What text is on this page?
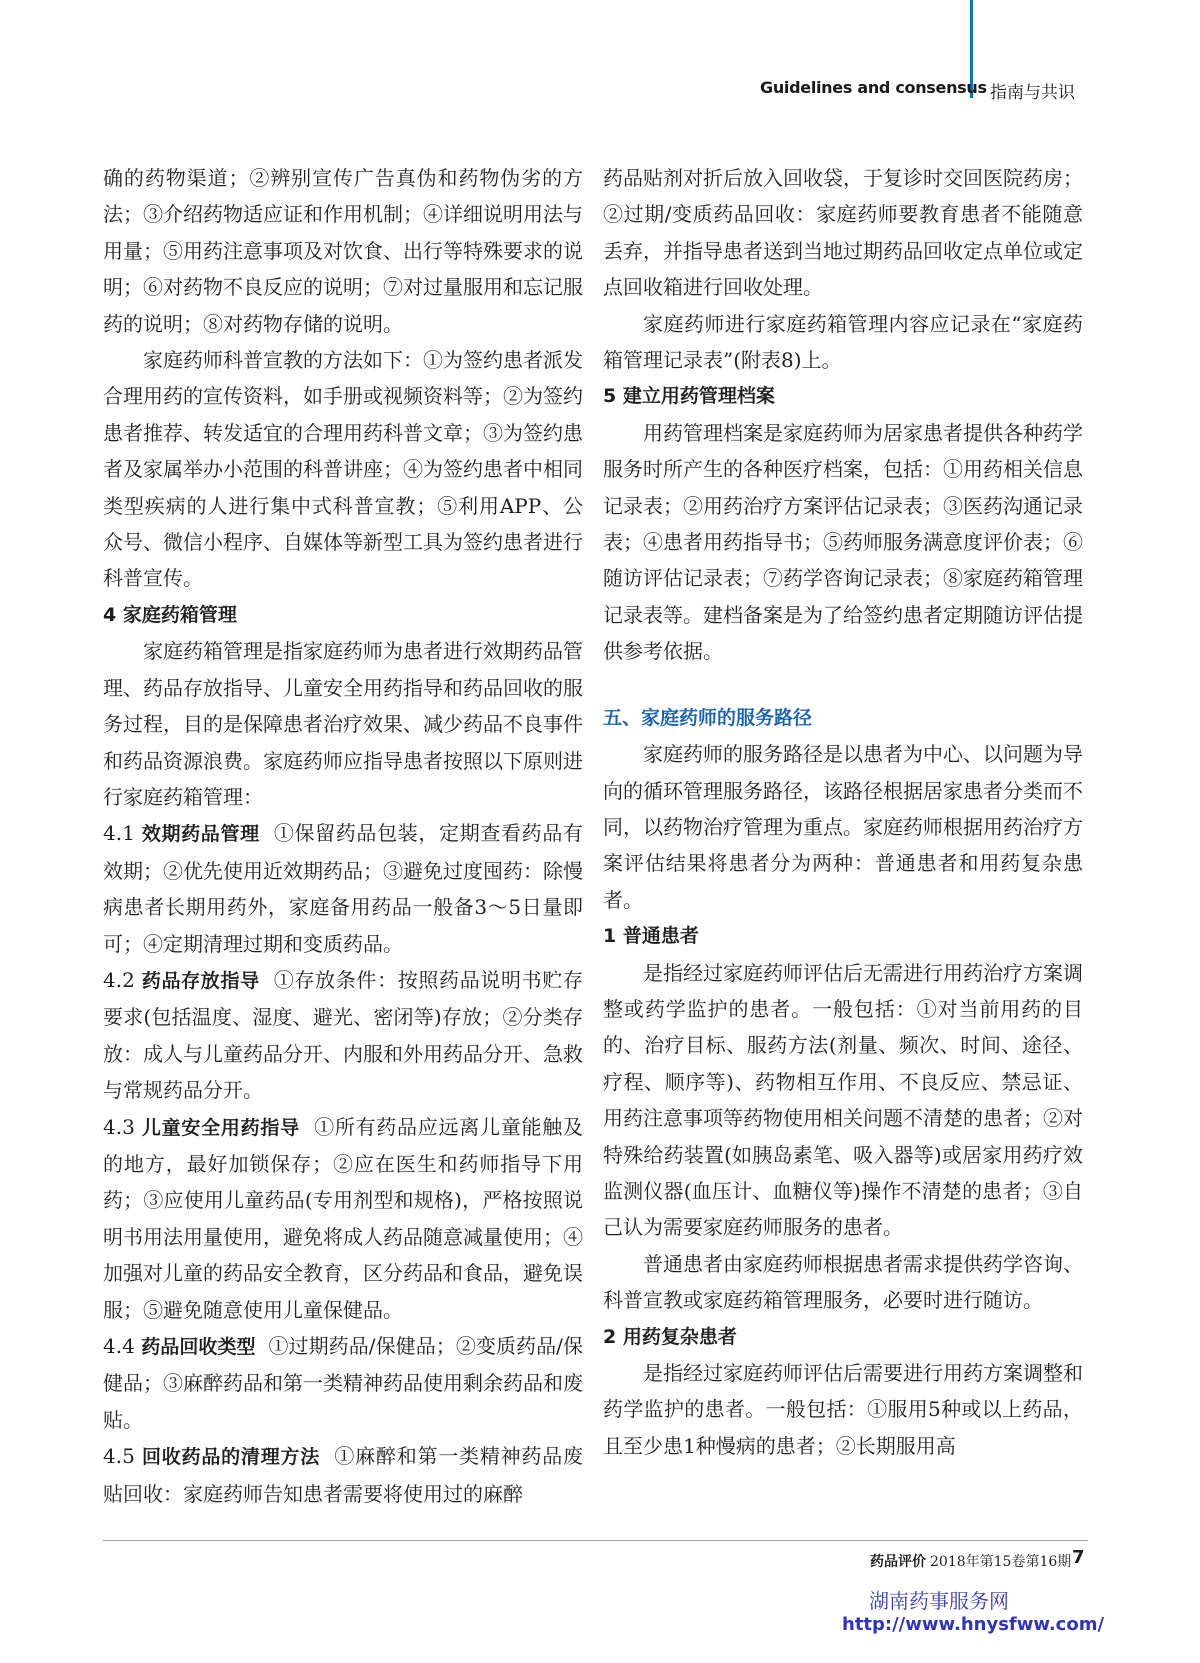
Guidelines and consensus 指南与共识

确的药物渠道；②辨别宣传广告真伪和药物伪劣的方法；③介绍药物适应证和作用机制；④详细说明用法与用量；⑤用药注意事项及对饮食、出行等特殊要求的说明；⑥对药物不良反应的说明；⑦对过量服用和忘记服药的说明；⑧对药物存储的说明。

家庭药师科普宣教的方法如下：①为签约患者派发合理用药的宣传资料，如手册或视频资料等；②为签约患者推荐、转发适宜的合理用药科普文章；③为签约患者及家属举办小范围的科普讲座；④为签约患者中相同类型疾病的人进行集中式科普宣教；⑤利用APP、公众号、微信小程序、自媒体等新型工具为签约患者进行科普宣传。

4 家庭药箱管理

家庭药箱管理是指家庭药师为患者进行效期药品管理、药品存放指导、儿童安全用药指导和药品回收的服务过程，目的是保障患者治疗效果、减少药品不良事件和药品资源浪费。家庭药师应指导患者按照以下原则进行家庭药箱管理：

4.1 效期药品管理 ①保留药品包装，定期查看药品有效期；②优先使用近效期药品；③避免过度囤药：除慢病患者长期用药外，家庭备用药品一般备3～5日量即可；④定期清理过期和变质药品。

4.2 药品存放指导 ①存放条件：按照药品说明书贮存要求(包括温度、湿度、避光、密闭等)存放；②分类存放：成人与儿童药品分开、内服和外用药品分开、急救与常规药品分开。

4.3 儿童安全用药指导 ①所有药品应远离儿童能触及的地方，最好加锁保存；②应在医生和药师指导下用药；③应使用儿童药品(专用剂型和规格)，严格按照说明书用法用量使用，避免将成人药品随意减量使用；④加强对儿童的药品安全教育，区分药品和食品，避免误服；⑤避免随意使用儿童保健品。

4.4 药品回收类型 ①过期药品/保健品；②变质药品/保健品；③麻醉药品和第一类精神药品使用剩余药品和废贴。

4.5 回收药品的清理方法 ①麻醉和第一类精神药品废贴回收：家庭药师告知患者需要将使用过的麻醉

药品贴剂对折后放入回收袋，于复诊时交回医院药房；②过期/变质药品回收：家庭药师要教育患者不能随意丢弃，并指导患者送到当地过期药品回收定点单位或定点回收箱进行回收处理。

家庭药师进行家庭药箱管理内容应记录在“家庭药箱管理记录表”(附表8)上。

5 建立用药管理档案

用药管理档案是家庭药师为居家患者提供各种药学服务时所产生的各种医疗档案，包括：①用药相关信息记录表；②用药治疗方案评估记录表；③医药沟通记录表；④患者用药指导书；⑤药师服务满意度评价表；⑥随访评估记录表；⑦药学咨询记录表；⑧家庭药箱管理记录表等。建档备案是为了给签约患者定期随访评估提供参考依据。

五、家庭药师的服务路径

家庭药师的服务路径是以患者为中心、以问题为导向的循环管理服务路径，该路径根据居家患者分类而不同，以药物治疗管理为重点。家庭药师根据用药治疗方案评估结果将患者分为两种：普通患者和用药复杂患者。

1 普通患者

是指经过家庭药师评估后无需进行用药治疗方案调整或药学监护的患者。一般包括：①对当前用药的目的、治疗目标、服药方法(剂量、频次、时间、途径、疗程、顺序等)、药物相互作用、不良反应、禁忌证、用药注意事项等药物使用相关问题不清楚的患者；②对特殊给药装置(如胰岛素笔、吸入器等)或居家用药疗效监测仪器(血压计、血糖仪等)操作不清楚的患者；③自己认为需要家庭药师服务的患者。

普通患者由家庭药师根据患者需求提供药学咨询、科普宣教或家庭药箱管理服务，必要时进行随访。

2 用药复杂患者

是指经过家庭药师评估后需要进行用药方案调整和药学监护的患者。一般包括：①服用5种或以上药品，且至少患1种慢病的患者；②长期服用高

药品评价 2018年第15卷第16期 7
湖南药事服务网
http://www.hnysfww.com/
